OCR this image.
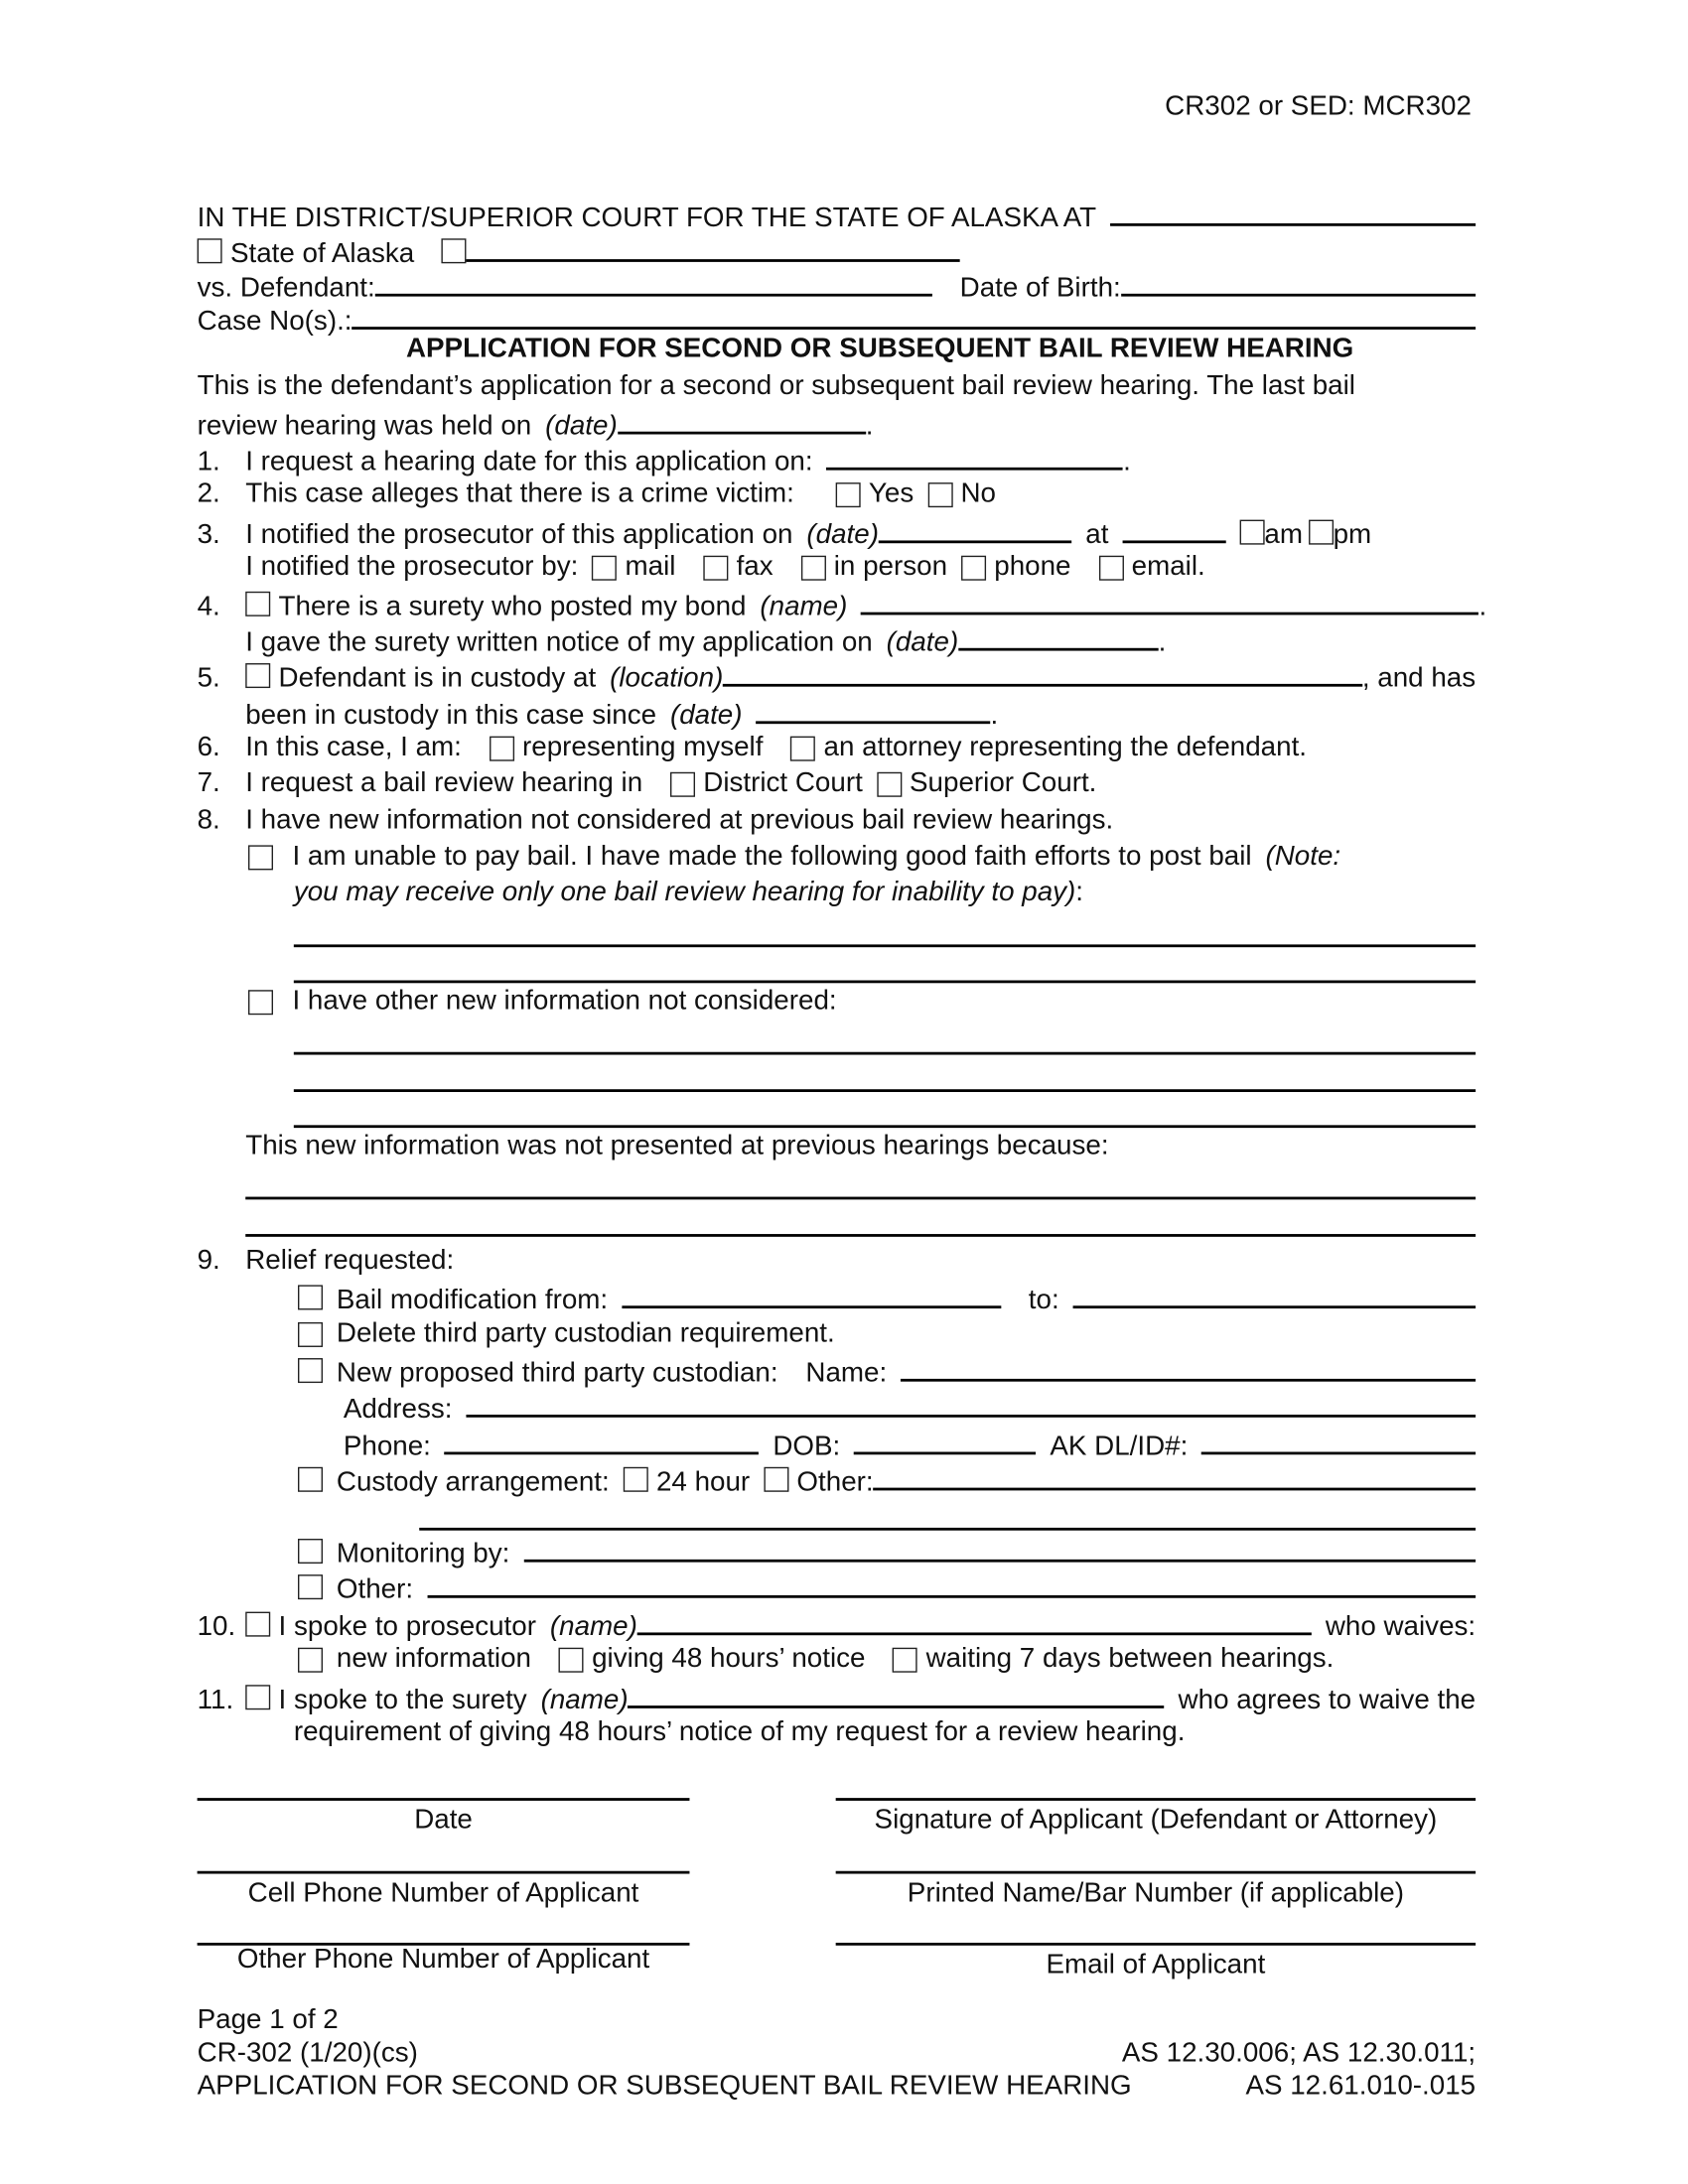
CR302 or SED: MCR302
IN THE DISTRICT/SUPERIOR COURT FOR THE STATE OF ALASKA AT
State of Alaska
vs. Defendant:	Date of Birth:
Case No(s).:
APPLICATION FOR SECOND OR SUBSEQUENT BAIL REVIEW HEARING
This is the defendant’s application for a second or subsequent bail review hearing. The last bail
review hearing was held on (date)	.
1.	I request a hearing date for this application on:	.
2.	This case alleges that there is a crime victim:	Yes No
3.	I notified the prosecutor of this application on (date)	at	am pm
I notified the prosecutor by: mail	fax	in person phone	email.
4.	There is a surety who posted my bond (name)	.
I gave the surety written notice of my application on (date)	.
5.	Defendant is in custody at (location)	, and has
been in custody in this case since (date)	.
6.	In this case, I am:	representing myself	an attorney representing the defendant.
7.	I request a bail review hearing in	District Court Superior Court.
8.	I have new information not considered at previous bail review hearings.
I am unable to pay bail. I have made the following good faith efforts to post bail (Note:
you may receive only one bail review hearing for inability to pay) :
I have other new information not considered:
This new information was not presented at previous hearings because:
9.	Relief requested:
Bail modification from:	to:
Delete third party custodian requirement.
New proposed third party custodian: Name:
Address:
Phone:	DOB:	AK DL/ID#:
Custody arrangement: 24 hour Other:
Monitoring by:
Other:
10.	I spoke to prosecutor (name)	who waives:
new information	giving 48 hours’ notice	waiting 7 days between hearings.
11.	I spoke to the surety (name)	who agrees to waive the
requirement of giving 48 hours’ notice of my request for a review hearing.
Date	Signature of Applicant (Defendant or Attorney)
Cell Phone Number of Applicant	Printed Name/Bar Number (if applicable)
Other Phone Number of Applicant	Email of Applicant
Page 1 of 2
CR-302 (1/20)(cs)
APPLICATION FOR SECOND OR SUBSEQUENT BAIL REVIEW HEARING
AS 12.30.006; AS 12.30.011;
AS 12.61.010-.015
